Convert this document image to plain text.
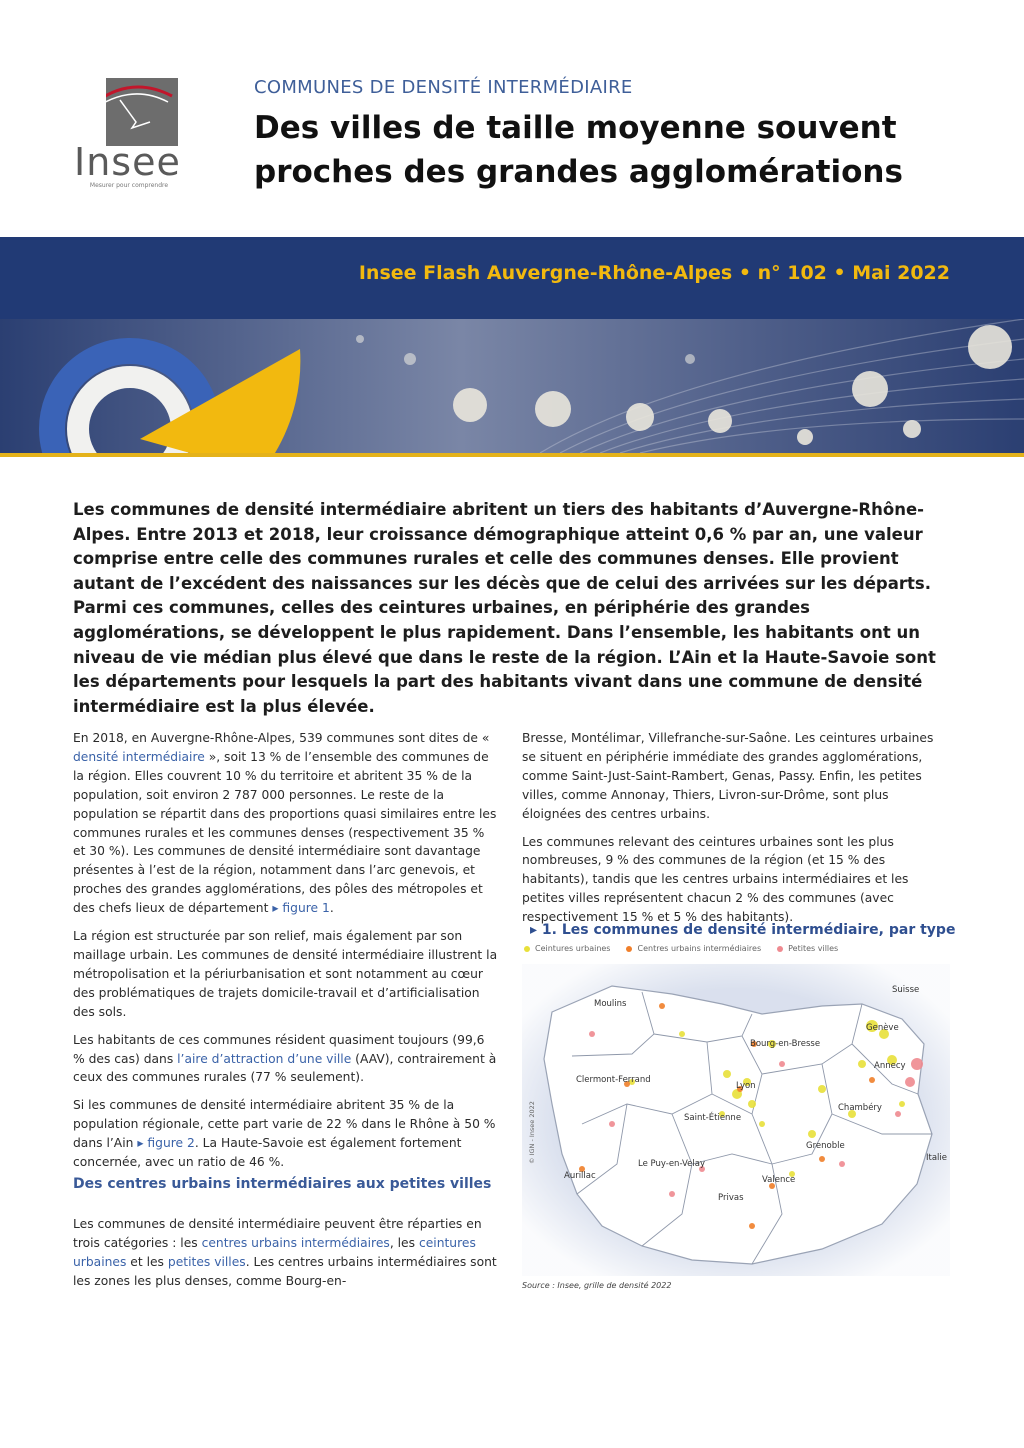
Insee
Mesurer pour comprendre
COMMUNES DE DENSITÉ INTERMÉDIAIRE
Des villes de taille moyenne souvent proches des grandes agglomérations
Insee Flash Auvergne-Rhône-Alpes • n° 102 • Mai 2022
Les communes de densité intermédiaire abritent un tiers des habitants d’Auvergne-Rhône-Alpes. Entre 2013 et 2018, leur croissance démographique atteint 0,6 % par an, une valeur comprise entre celle des communes rurales et celle des communes denses. Elle provient autant de l’excédent des naissances sur les décès que de celui des arrivées sur les départs. Parmi ces communes, celles des ceintures urbaines, en périphérie des grandes agglomérations, se développent le plus rapidement. Dans l’ensemble, les habitants ont un niveau de vie médian plus élevé que dans le reste de la région. L’Ain et la Haute-Savoie sont les départements pour lesquels la part des habitants vivant dans une commune de densité intermédiaire est la plus élevée.

En 2018, en Auvergne-Rhône-Alpes, 539 communes sont dites de « densité intermédiaire », soit 13 % de l’ensemble des communes de la région. Elles couvrent 10 % du territoire et abritent 35 % de la population, soit environ 2 787 000 personnes. Le reste de la population se répartit dans des proportions quasi similaires entre les communes rurales et les communes denses (respectivement 35 % et 30 %). Les communes de densité intermédiaire sont davantage présentes à l’est de la région, notamment dans l’arc genevois, et proches des grandes agglomérations, des pôles des métropoles et des chefs lieux de département ▸ figure 1.

La région est structurée par son relief, mais également par son maillage urbain. Les communes de densité intermédiaire illustrent la métropolisation et la périurbanisation et sont notamment au cœur des problématiques de trajets domicile-travail et d’artificialisation des sols.

Les habitants de ces communes résident quasiment toujours (99,6 % des cas) dans l’aire d’attraction d’une ville (AAV), contrairement à ceux des communes rurales (77 % seulement).

Si les communes de densité intermédiaire abritent 35 % de la population régionale, cette part varie de 22 % dans le Rhône à 50 % dans l’Ain ▸ figure 2. La Haute-Savoie est également fortement concernée, avec un ratio de 46 %.

Des centres urbains intermédiaires aux petites villes

Les communes de densité intermédiaire peuvent être réparties en trois catégories : les centres urbains intermédiaires, les ceintures urbaines et les petites villes. Les centres urbains intermédiaires sont les zones les plus denses, comme Bourg-en-

Bresse, Montélimar, Villefranche-sur-Saône. Les ceintures urbaines se situent en périphérie immédiate des grandes agglomérations, comme Saint-Just-Saint-Rambert, Genas, Passy. Enfin, les petites villes, comme Annonay, Thiers, Livron-sur-Drôme, sont plus éloignées des centres urbains.

Les communes relevant des ceintures urbaines sont les plus nombreuses, 9 % des communes de la région (et 15 % des habitants), tandis que les centres urbains intermédiaires et les petites villes représentent chacun 2 % des communes (avec respectivement 15 % et 5 % des habitants).

▸ 1. Les communes de densité intermédiaire, par type
Ceintures urbaines	Centres urbains intermédiaires	Petites villes
Moulins
Bourg-en-Bresse
Genève
Annecy
Clermont-Ferrand
Lyon
Chambéry
Saint-Étienne
Grenoble
Aurillac
Le Puy-en-Velay
Valence
Privas
Suisse
Italie
© IGN - Insee 2022
Source : Insee, grille de densité 2022
